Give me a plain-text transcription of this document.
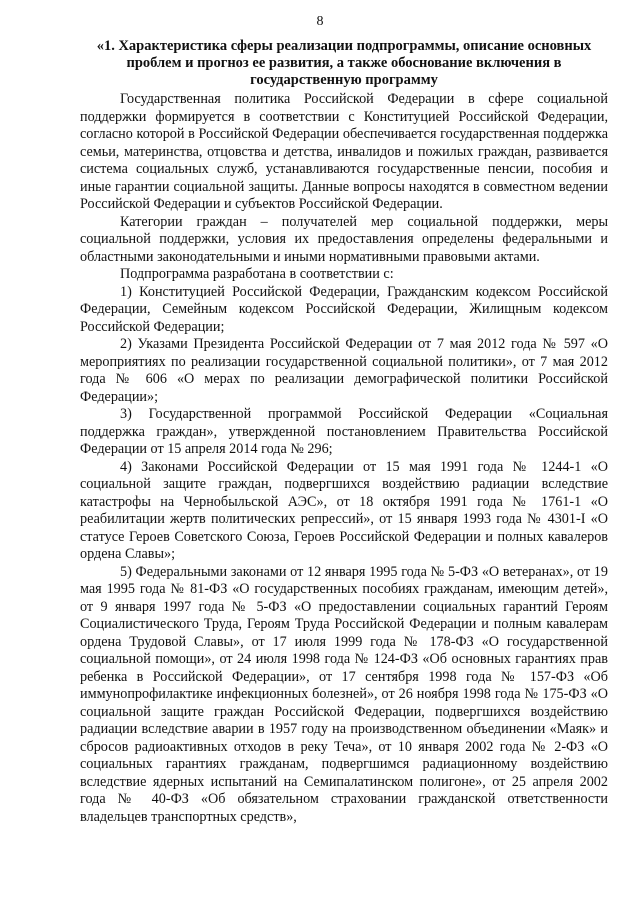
8

«1. Характеристика сферы реализации подпрограммы, описание основных проблем и прогноз ее развития, а также обоснование включения в государственную программу

Государственная политика Российской Федерации в сфере социальной поддержки формируется в соответствии с Конституцией Российской Федерации, согласно которой в Российской Федерации обеспечивается государственная поддержка семьи, материнства, отцовства и детства, инвалидов и пожилых граждан, развивается система социальных служб, устанавливаются государственные пенсии, пособия и иные гарантии социальной защиты. Данные вопросы находятся в совместном ведении Российской Федерации и субъектов Российской Федерации.

Категории граждан – получателей мер социальной поддержки, меры социальной поддержки, условия их предоставления определены федеральными и областными законодательными и иными нормативными правовыми актами.

Подпрограмма разработана в соответствии с:

1) Конституцией Российской Федерации, Гражданским кодексом Российской Федерации, Семейным кодексом Российской Федерации, Жилищным кодексом Российской Федерации;

2) Указами Президента Российской Федерации от 7 мая 2012 года № 597 «О мероприятиях по реализации государственной социальной политики», от 7 мая 2012 года № 606 «О мерах по реализации демографической политики Российской Федерации»;

3) Государственной программой Российской Федерации «Социальная поддержка граждан», утвержденной постановлением Правительства Российской Федерации от 15 апреля 2014 года № 296;

4) Законами Российской Федерации от 15 мая 1991 года № 1244-1 «О социальной защите граждан, подвергшихся воздействию радиации вследствие катастрофы на Чернобыльской АЭС», от 18 октября 1991 года № 1761-1 «О реабилитации жертв политических репрессий», от 15 января 1993 года № 4301-I «О статусе Героев Советского Союза, Героев Российской Федерации и полных кавалеров ордена Славы»;

5) Федеральными законами от 12 января 1995 года № 5-ФЗ «О ветеранах», от 19 мая 1995 года № 81-ФЗ «О государственных пособиях гражданам, имеющим детей», от 9 января 1997 года № 5-ФЗ «О предоставлении социальных гарантий Героям Социалистического Труда, Героям Труда Российской Федерации и полным кавалерам ордена Трудовой Славы», от 17 июля 1999 года № 178-ФЗ «О государственной социальной помощи», от 24 июля 1998 года № 124-ФЗ «Об основных гарантиях прав ребенка в Российской Федерации», от 17 сентября 1998 года № 157-ФЗ «Об иммунопрофилактике инфекционных болезней», от 26 ноября 1998 года № 175-ФЗ «О социальной защите граждан Российской Федерации, подвергшихся воздействию радиации вследствие аварии в 1957 году на производственном объединении «Маяк» и сбросов радиоактивных отходов в реку Теча», от 10 января 2002 года № 2-ФЗ «О социальных гарантиях гражданам, подвергшимся радиационному воздействию вследствие ядерных испытаний на Семипалатинском полигоне», от 25 апреля 2002 года № 40-ФЗ «Об обязательном страховании гражданской ответственности владельцев транспортных средств»,
